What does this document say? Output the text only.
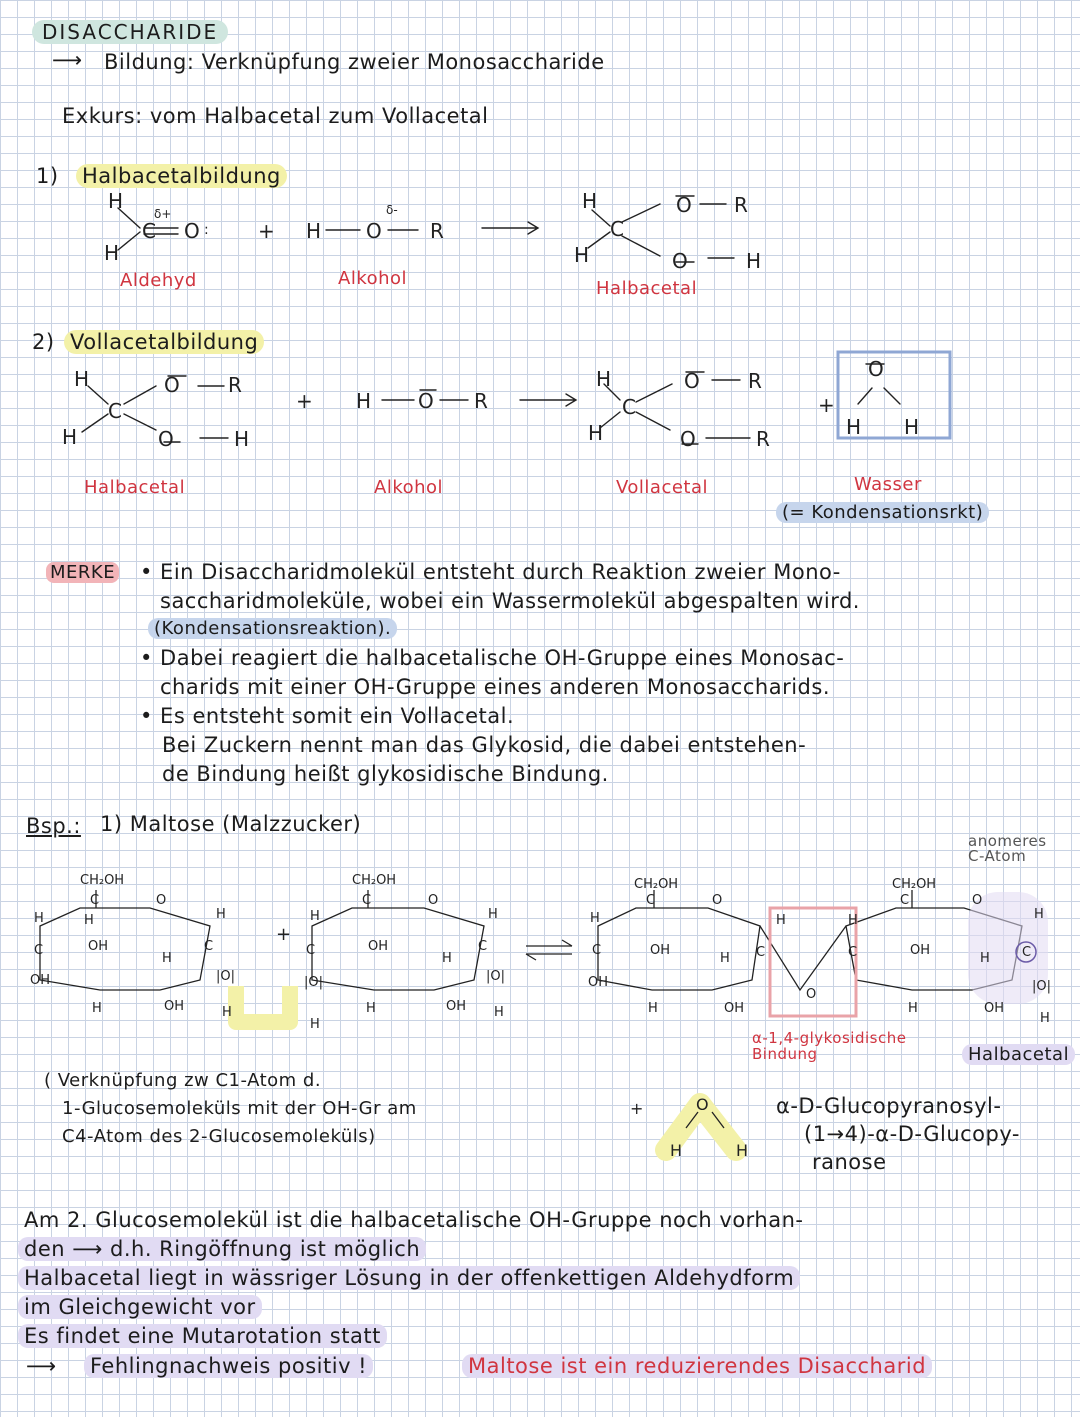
DISACCHARIDE
⟶ Bildung: Verknüpfung zweier Monosaccharide
Exkurs: vom Halbacetal zum Vollacetal
1) Halbacetalbildung
Aldehyd	Alkohol	Halbacetal
2) Vollacetalbildung
Halbacetal	Alkohol	Vollacetal	Wasser
(= Kondensationsrkt)
MERKE • Ein Disaccharidmolekül entsteht durch Reaktion zweier Mono-
saccharidmoleküle, wobei ein Wassermolekül abgespalten wird.
(Kondensationsreaktion).
• Dabei reagiert die halbacetalische OH-Gruppe eines Monosac-
charids mit einer OH-Gruppe eines anderen Monosaccharids.
• Es entsteht somit ein Vollacetal.
Bei Zuckern nennt man das Glykosid, die dabei entstehen-
de Bindung heißt glykosidische Bindung.
Bsp.: 1) Maltose (Malzzucker)
anomeres C-Atom
α-1,4-glykosidische Bindung	Halbacetal
( Verknüpfung zw C1-Atom d.
1-Glucosemoleküls mit der OH-Gr am
C4-Atom des 2-Glucosemoleküls)
α-D-Glucopyranosyl-
(1→4)-α-D-Glucopy-
ranose
Am 2. Glucosemolekül ist die halbacetalische OH-Gruppe noch vorhan-
den ⟶ d.h. Ringöffnung ist möglich
Halbacetal liegt in wässriger Lösung in der offenkettigen Aldehydform
im Gleichgewicht vor
Es findet eine Mutarotation statt
⟶ Fehlingnachweis positiv !	Maltose ist ein reduzierendes Disaccharid
H
H
C O :
δ+
+ H O
δ-
R
H
H
C
O R
O	H
H
H
C
O R
O	H
+ H O R
H
H
C
O R
O	R
+
O
H H
CH₂OH
C	O
H
OH
H
C
OH
H
C
|O|
H
H
OH
H
+
CH₂OH
C	O
H
C
|O|
H
OH
H
C
|O|
H
H
OH
H
CH₂OH
C	O
H
C
OH
OH
H
OH
H
H
C
O
H
C
CH₂OH
C	O
OH
H
OH
H
H
C
|O|
H
+	O
H	H
